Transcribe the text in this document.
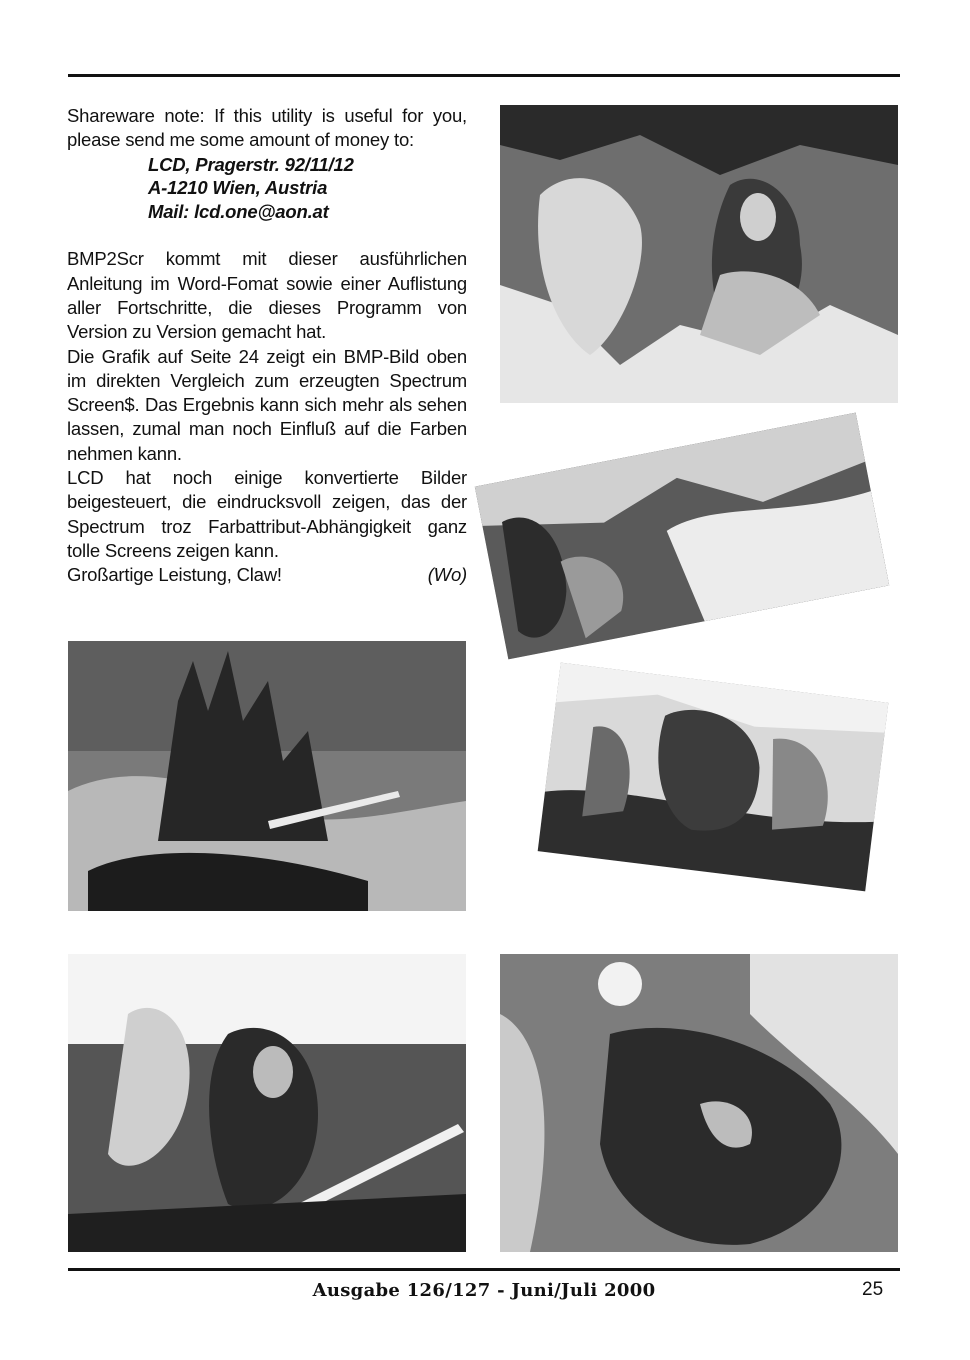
Shareware note: If this utility is useful for you, please send me some amount of money to:

LCD, Pragerstr. 92/11/12
A-1210 Wien, Austria
Mail: lcd.one@aon.at

BMP2Scr kommt mit dieser ausführlichen Anleitung im Word-Fomat sowie einer Auflistung aller Fortschritte, die dieses Programm von Version zu Version gemacht hat.

Die Grafik auf Seite 24 zeigt ein BMP-Bild oben im direkten Vergleich zum erzeugten Spectrum Screen$. Das Ergebnis kann sich mehr als sehen lassen, zumal man noch Einfluß auf die Farben nehmen kann.

LCD hat noch einige konvertierte Bilder beigesteuert, die eindrucksvoll zeigen, das der Spectrum troz Farbattribut-Abhängigkeit ganz tolle Screens zeigen kann.

Großartige Leistung, Claw!	(Wo)
Ausgabe 126/127 - Juni/Juli 2000	25
